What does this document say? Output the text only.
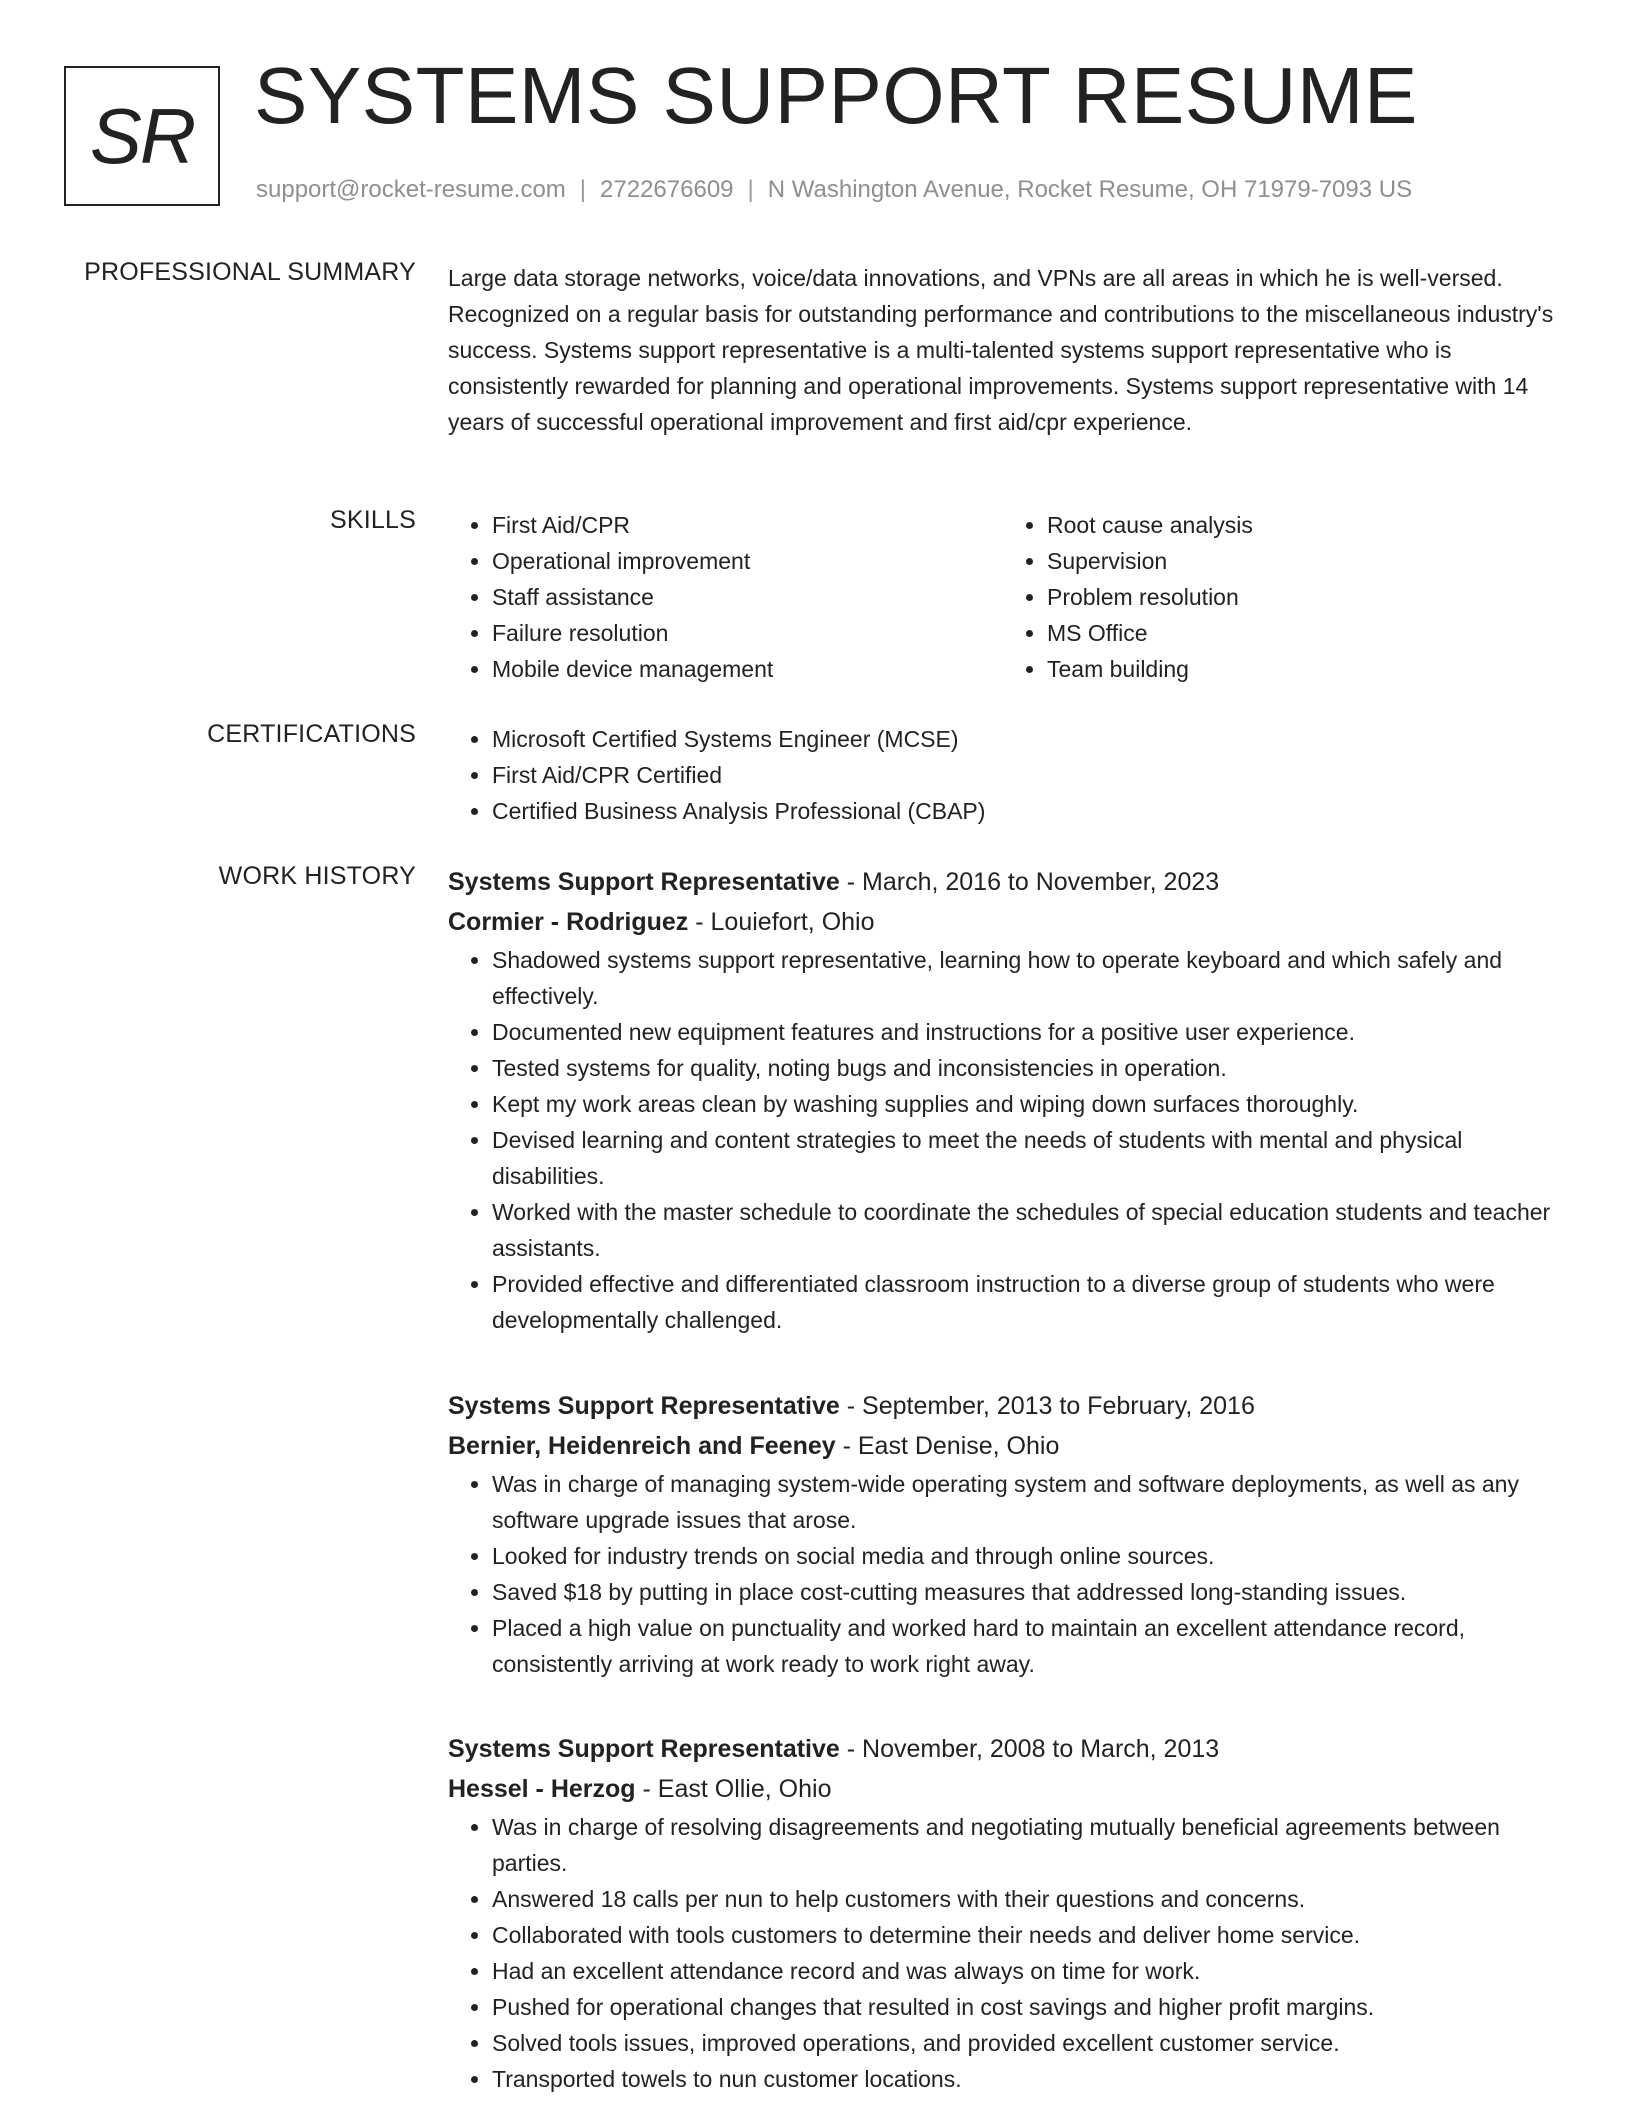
SR SYSTEMS SUPPORT RESUME
support@rocket-resume.com | 2722676609 | N Washington Avenue, Rocket Resume, OH 71979-7093 US
PROFESSIONAL SUMMARY Large data storage networks, voice/data innovations, and VPNs are all areas in which he is well-versed. Recognized on a regular basis for outstanding performance and contributions to the miscellaneous industry's success. Systems support representative is a multi-talented systems support representative who is consistently rewarded for planning and operational improvements. Systems support representative with 14 years of successful operational improvement and first aid/cpr experience.
SKILLS	• First Aid/CPR
• Operational improvement
• Staff assistance
• Failure resolution
• Mobile device management
• Root cause analysis
• Supervision
• Problem resolution
• MS Office
• Team building
CERTIFICATIONS	• Microsoft Certified Systems Engineer (MCSE)
• First Aid/CPR Certified
• Certified Business Analysis Professional (CBAP)
WORK HISTORY Systems Support Representative - March, 2016 to November, 2023
Cormier - Rodriguez - Louiefort, Ohio
• Shadowed systems support representative, learning how to operate keyboard and which safely and effectively.
• Documented new equipment features and instructions for a positive user experience.
• Tested systems for quality, noting bugs and inconsistencies in operation.
• Kept my work areas clean by washing supplies and wiping down surfaces thoroughly.
• Devised learning and content strategies to meet the needs of students with mental and physical disabilities.
• Worked with the master schedule to coordinate the schedules of special education students and teacher assistants.
• Provided effective and differentiated classroom instruction to a diverse group of students who were developmentally challenged.
Systems Support Representative - September, 2013 to February, 2016
Bernier, Heidenreich and Feeney - East Denise, Ohio
• Was in charge of managing system-wide operating system and software deployments, as well as any software upgrade issues that arose.
• Looked for industry trends on social media and through online sources.
• Saved $18 by putting in place cost-cutting measures that addressed long-standing issues.
• Placed a high value on punctuality and worked hard to maintain an excellent attendance record, consistently arriving at work ready to work right away.
Systems Support Representative - November, 2008 to March, 2013
Hessel - Herzog - East Ollie, Ohio
• Was in charge of resolving disagreements and negotiating mutually beneficial agreements between parties.
• Answered 18 calls per nun to help customers with their questions and concerns.
• Collaborated with tools customers to determine their needs and deliver home service.
• Had an excellent attendance record and was always on time for work.
• Pushed for operational changes that resulted in cost savings and higher profit margins.
• Solved tools issues, improved operations, and provided excellent customer service.
• Transported towels to nun customer locations.
